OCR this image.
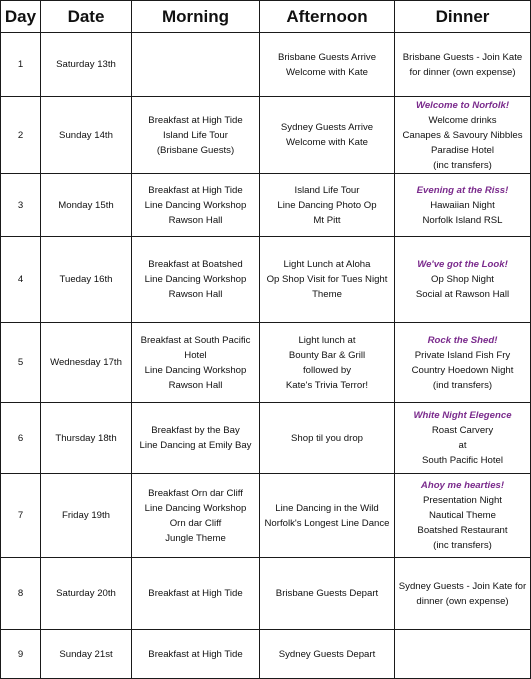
Day	Date	Morning	Afternoon	Dinner
1	Saturday 13th		Brisbane Guests Arrive
Welcome with Kate	Brisbane Guests - Join Kate
for dinner (own expense)

2	Sunday 14th	Breakfast at High Tide
Island Life Tour
(Brisbane Guests)	Sydney Guests Arrive
Welcome with Kate	Welcome to Norfolk!
Welcome drinks
Canapes & Savoury Nibbles
Paradise Hotel
(inc transfers)

3	Monday 15th	Breakfast at High Tide
Line Dancing Workshop
Rawson Hall	Island Life Tour
Line Dancing Photo Op
Mt Pitt	Evening at the Riss!
Hawaiian Night
Norfolk Island RSL

4	Tueday 16th	Breakfast at Boatshed
Line Dancing Workshop
Rawson Hall	Light Lunch at Aloha
Op Shop Visit for Tues Night
Theme	We've got the Look!
Op Shop Night
Social at Rawson Hall

5	Wednesday 17th	Breakfast at South Pacific
Hotel
Line Dancing Workshop
Rawson Hall	Light lunch at
Bounty Bar & Grill
followed by
Kate's Trivia Terror!	Rock the Shed!
Private Island Fish Fry
Country Hoedown Night
(ind transfers)

6	Thursday 18th	Breakfast by the Bay
Line Dancing at Emily Bay	Shop til you drop	White Night Elegence
Roast Carvery
at
South Pacific Hotel

7	Friday 19th	Breakfast Orn dar Cliff
Line Dancing Workshop
Orn dar Cliff
Jungle Theme	Line Dancing in the Wild
Norfolk's Longest Line Dance	Ahoy me hearties!
Presentation Night
Nautical Theme
Boatshed Restaurant
(inc transfers)

8	Saturday 20th	Breakfast at High Tide	Brisbane Guests Depart	Sydney Guests - Join Kate for
dinner (own expense)

9	Sunday 21st	Breakfast at High Tide	Sydney Guests Depart	
